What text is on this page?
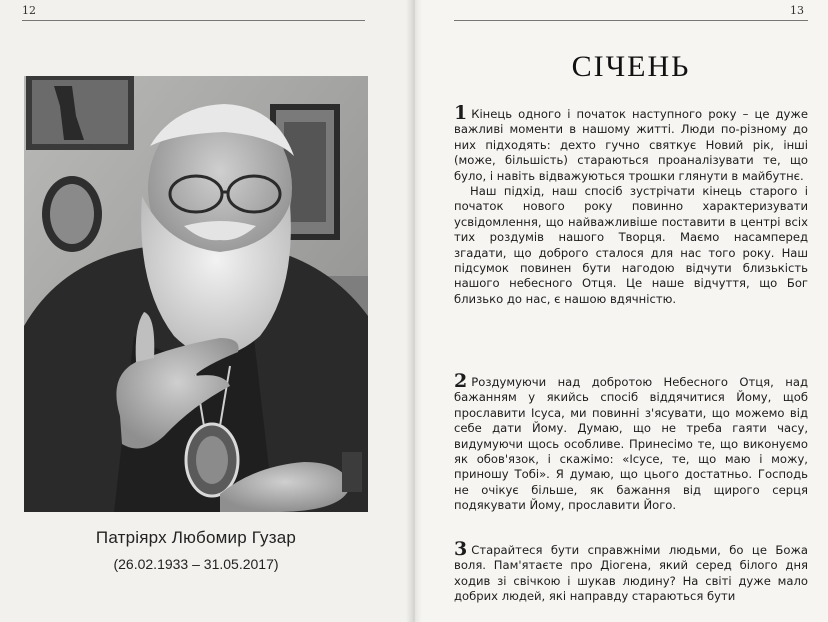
12
Патріярх Любомир Гузар
(26.02.1933 – 31.05.2017)
13
СІЧЕНЬ

1 Кінець одного і початок наступного року – це дуже важливі моменти в нашому житті. Люди по-різному до них підходять: дехто гучно святкує Новий рік, інші (може, більшість) стараються проаналізувати те, що було, і навіть відважуються трошки глянути в майбутнє.

Наш підхід, наш спосіб зустрічати кінець старого і початок нового року повинно характеризувати усвідомлення, що найважливіше поставити в центрі всіх тих роздумів нашого Творця. Маємо насамперед згадати, що доброго сталося для нас того року. Наш підсумок повинен бути нагодою відчути близькість нашого небесного Отця. Це наше відчуття, що Бог близько до нас, є нашою вдячністю.

2 Роздумуючи над добротою Небесного Отця, над бажанням у якийсь спосіб віддячитися Йому, щоб прославити Ісуса, ми повинні з'ясувати, що можемо від себе дати Йому. Думаю, що не треба гаяти часу, видумуючи щось особливе. Принесімо те, що виконуємо як обов'язок, і скажімо: «Ісусе, те, що маю і можу, приношу Тобі». Я думаю, що цього достатньо. Господь не очікує більше, як бажання від щирого серця подякувати Йому, прославити Його.

3 Старайтеся бути справжніми людьми, бо це Божа воля. Пам'ятаєте про Діогена, який серед білого дня ходив зі свічкою і шукав людину? На світі дуже мало добрих людей, які направду стараються бути
